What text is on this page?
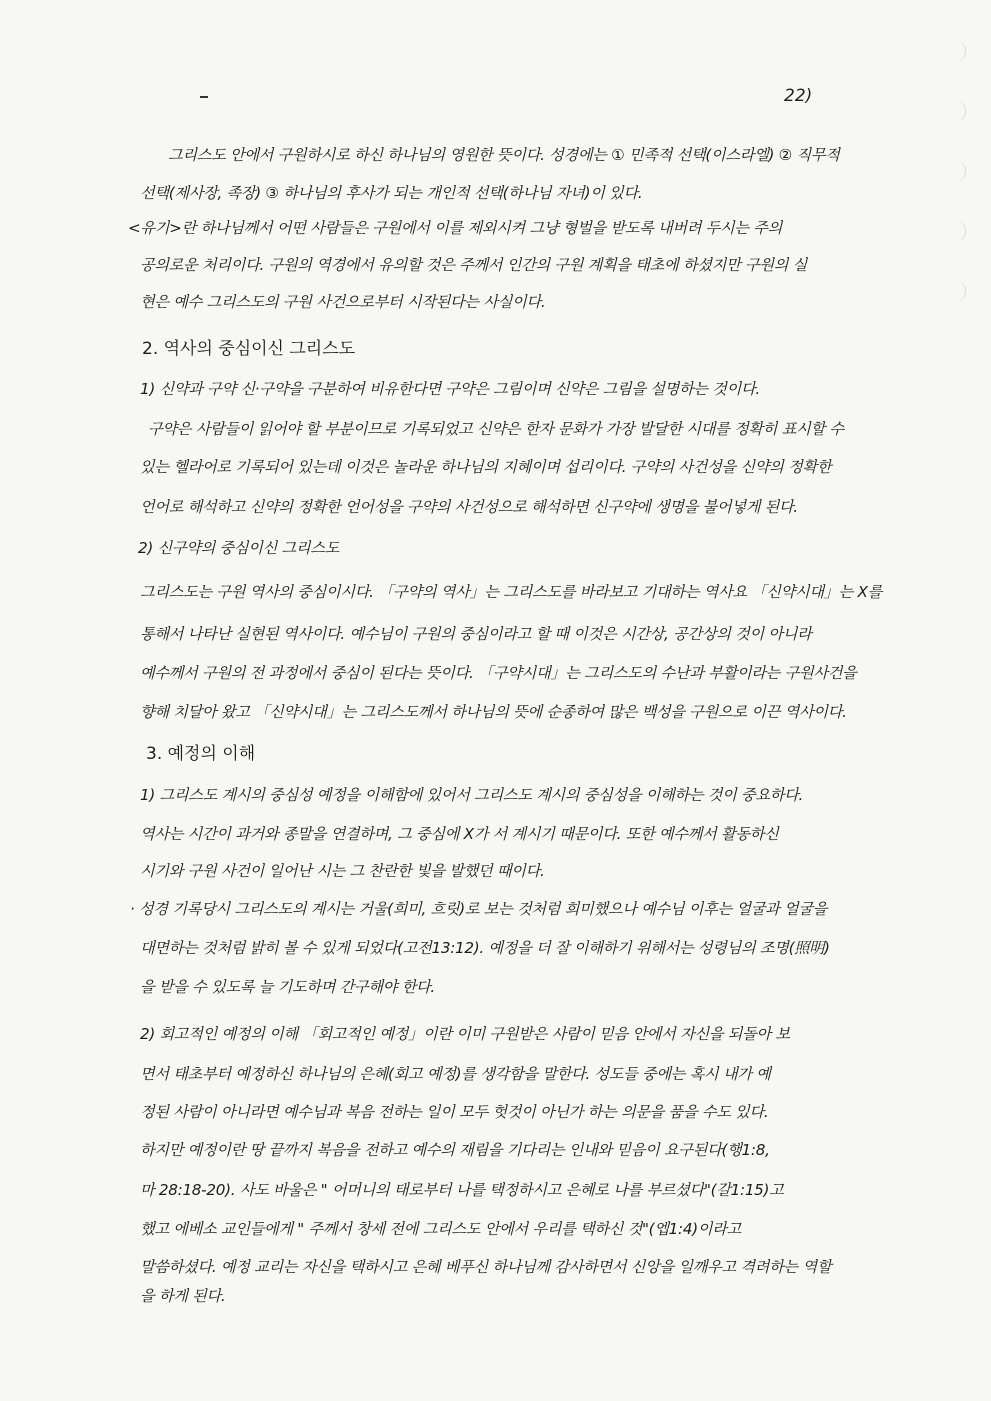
22)
그리스도 안에서 구원하시로 하신 하나님의 영원한 뜻이다. 성경에는 ① 민족적 선택(이스라엘) ② 직무적
선택(제사장, 족장) ③ 하나님의 후사가 되는 개인적 선택(하나님 자녀)이 있다.
<유기>란 하나님께서 어떤 사람들은 구원에서 이를 제외시켜 그냥 형벌을 받도록 내버려 두시는 주의
공의로운 처리이다. 구원의 역경에서 유의할 것은 주께서 인간의 구원 계획을 태초에 하셨지만 구원의 실
현은 예수 그리스도의 구원 사건으로부터 시작된다는 사실이다.
2. 역사의 중심이신 그리스도
1) 신약과 구약 신·구약을 구분하여 비유한다면 구약은 그림이며 신약은 그림을 설명하는 것이다.
구약은 사람들이 읽어야 할 부분이므로 기록되었고 신약은 한자 문화가 가장 발달한 시대를 정확히 표시할 수
있는 헬라어로 기록되어 있는데 이것은 놀라운 하나님의 지혜이며 섭리이다. 구약의 사건성을 신약의 정확한
언어로 해석하고 신약의 정확한 언어성을 구약의 사건성으로 해석하면 신구약에 생명을 불어넣게 된다.
2) 신구약의 중심이신 그리스도
그리스도는 구원 역사의 중심이시다. 「구약의 역사」는 그리스도를 바라보고 기대하는 역사요 「신약시대」는 X를
통해서 나타난 실현된 역사이다. 예수님이 구원의 중심이라고 할 때 이것은 시간상, 공간상의 것이 아니라
예수께서 구원의 전 과정에서 중심이 된다는 뜻이다. 「구약시대」는 그리스도의 수난과 부활이라는 구원사건을
향해 치달아 왔고 「신약시대」는 그리스도께서 하나님의 뜻에 순종하여 많은 백성을 구원으로 이끈 역사이다.
3. 예정의 이해
1) 그리스도 계시의 중심성 예정을 이해함에 있어서 그리스도 계시의 중심성을 이해하는 것이 중요하다.
역사는 시간이 과거와 종말을 연결하며, 그 중심에 X가 서 계시기 때문이다. 또한 예수께서 활동하신
시기와 구원 사건이 일어난 시는 그 찬란한 빛을 발했던 때이다.
· 성경 기록당시 그리스도의 계시는 거울(희미, 흐릿)로 보는 것처럼 희미했으나 예수님 이후는 얼굴과 얼굴을
대면하는 것처럼 밝히 볼 수 있게 되었다(고전13:12). 예정을 더 잘 이해하기 위해서는 성령님의 조명(照明)
을 받을 수 있도록 늘 기도하며 간구해야 한다.
2) 회고적인 예정의 이해 「회고적인 예정」이란 이미 구원받은 사람이 믿음 안에서 자신을 되돌아 보
면서 태초부터 예정하신 하나님의 은혜(회고 예정)를 생각함을 말한다. 성도들 중에는 혹시 내가 예
정된 사람이 아니라면 예수님과 복음 전하는 일이 모두 헛것이 아닌가 하는 의문을 품을 수도 있다.
하지만 예정이란 땅 끝까지 복음을 전하고 예수의 재림을 기다리는 인내와 믿음이 요구된다(행1:8,
마 28:18-20). 사도 바울은 " 어머니의 태로부터 나를 택정하시고 은혜로 나를 부르셨다"(갈1:15)고
했고 에베소 교인들에게 " 주께서 창세 전에 그리스도 안에서 우리를 택하신 것"(엡1:4)이라고
말씀하셨다. 예정 교리는 자신을 택하시고 은혜 베푸신 하나님께 감사하면서 신앙을 일깨우고 격려하는 역할
을 하게 된다.
